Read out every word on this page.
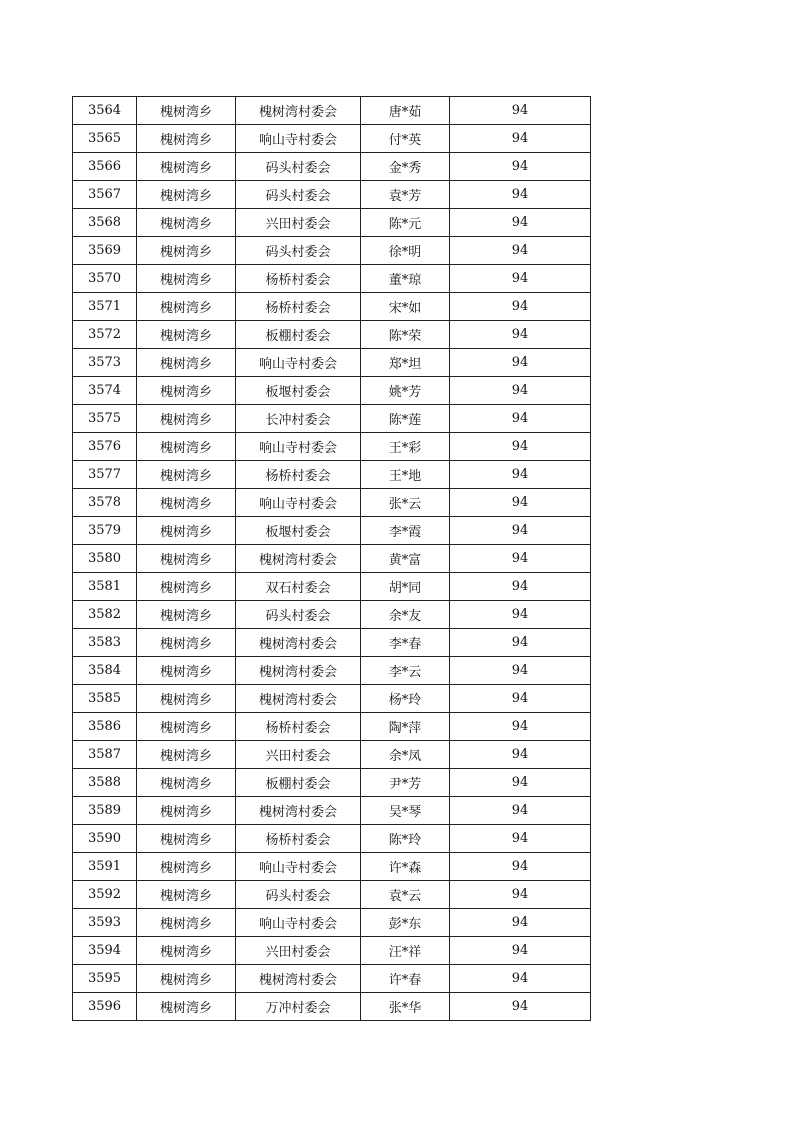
3564	槐树湾乡	槐树湾村委会	唐*茹	94
3565	槐树湾乡	响山寺村委会	付*英	94
3566	槐树湾乡	码头村委会	金*秀	94
3567	槐树湾乡	码头村委会	袁*芳	94
3568	槐树湾乡	兴田村委会	陈*元	94
3569	槐树湾乡	码头村委会	徐*明	94
3570	槐树湾乡	杨桥村委会	董*琼	94
3571	槐树湾乡	杨桥村委会	宋*如	94
3572	槐树湾乡	板棚村委会	陈*荣	94
3573	槐树湾乡	响山寺村委会	郑*坦	94
3574	槐树湾乡	板堰村委会	姚*芳	94
3575	槐树湾乡	长冲村委会	陈*莲	94
3576	槐树湾乡	响山寺村委会	王*彩	94
3577	槐树湾乡	杨桥村委会	王*地	94
3578	槐树湾乡	响山寺村委会	张*云	94
3579	槐树湾乡	板堰村委会	李*霞	94
3580	槐树湾乡	槐树湾村委会	黄*富	94
3581	槐树湾乡	双石村委会	胡*同	94
3582	槐树湾乡	码头村委会	余*友	94
3583	槐树湾乡	槐树湾村委会	李*春	94
3584	槐树湾乡	槐树湾村委会	李*云	94
3585	槐树湾乡	槐树湾村委会	杨*玲	94
3586	槐树湾乡	杨桥村委会	陶*萍	94
3587	槐树湾乡	兴田村委会	余*凤	94
3588	槐树湾乡	板棚村委会	尹*芳	94
3589	槐树湾乡	槐树湾村委会	吴*琴	94
3590	槐树湾乡	杨桥村委会	陈*玲	94
3591	槐树湾乡	响山寺村委会	许*森	94
3592	槐树湾乡	码头村委会	袁*云	94
3593	槐树湾乡	响山寺村委会	彭*东	94
3594	槐树湾乡	兴田村委会	汪*祥	94
3595	槐树湾乡	槐树湾村委会	许*春	94
3596	槐树湾乡	万冲村委会	张*华	94
